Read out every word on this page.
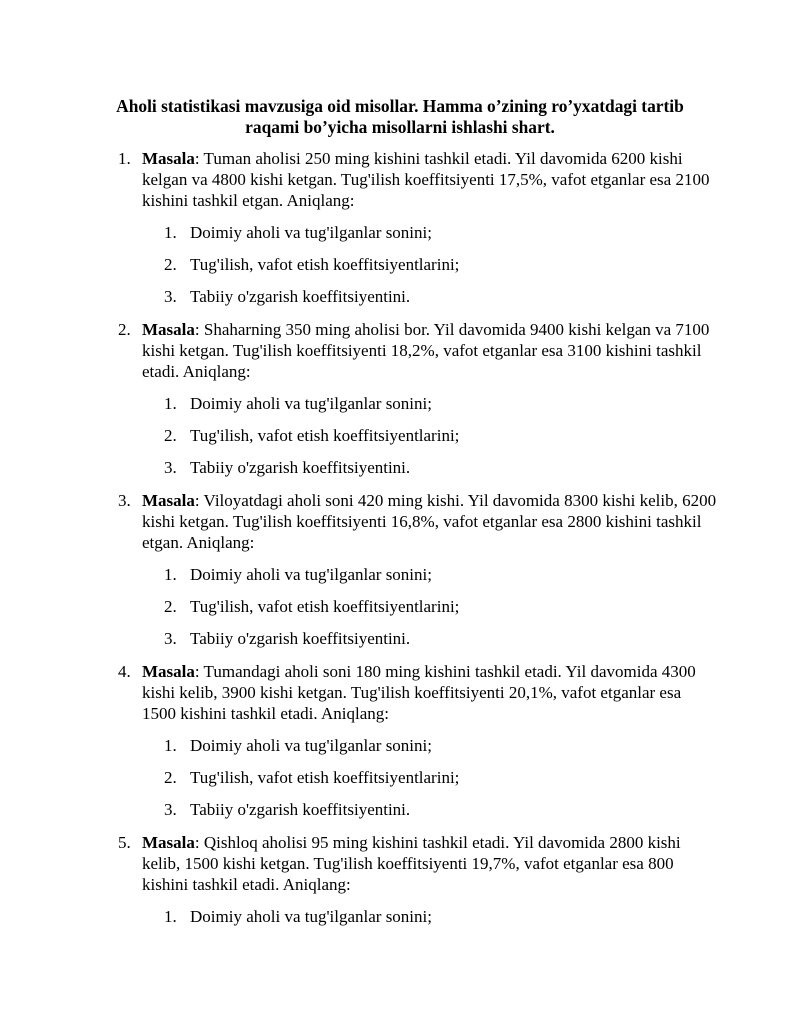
Aholi statistikasi mavzusiga oid misollar. Hamma o’zining ro’yxatdagi tartib
raqami bo’yicha misollarni ishlashi shart.
1. Masala: Tuman aholisi 250 ming kishini tashkil etadi. Yil davomida 6200 kishi kelgan va 4800 kishi ketgan. Tug'ilish koeffitsiyenti 17,5%, vafot etganlar esa 2100 kishini tashkil etgan. Aniqlang:
1. Doimiy aholi va tug'ilganlar sonini;
2. Tug'ilish, vafot etish koeffitsiyentlarini;
3. Tabiiy o'zgarish koeffitsiyentini.
2. Masala: Shaharning 350 ming aholisi bor. Yil davomida 9400 kishi kelgan va 7100 kishi ketgan. Tug'ilish koeffitsiyenti 18,2%, vafot etganlar esa 3100 kishini tashkil etadi. Aniqlang:
1. Doimiy aholi va tug'ilganlar sonini;
2. Tug'ilish, vafot etish koeffitsiyentlarini;
3. Tabiiy o'zgarish koeffitsiyentini.
3. Masala: Viloyatdagi aholi soni 420 ming kishi. Yil davomida 8300 kishi kelib, 6200 kishi ketgan. Tug'ilish koeffitsiyenti 16,8%, vafot etganlar esa 2800 kishini tashkil etgan. Aniqlang:
1. Doimiy aholi va tug'ilganlar sonini;
2. Tug'ilish, vafot etish koeffitsiyentlarini;
3. Tabiiy o'zgarish koeffitsiyentini.
4. Masala: Tumandagi aholi soni 180 ming kishini tashkil etadi. Yil davomida 4300 kishi kelib, 3900 kishi ketgan. Tug'ilish koeffitsiyenti 20,1%, vafot etganlar esa 1500 kishini tashkil etadi. Aniqlang:
1. Doimiy aholi va tug'ilganlar sonini;
2. Tug'ilish, vafot etish koeffitsiyentlarini;
3. Tabiiy o'zgarish koeffitsiyentini.
5. Masala: Qishloq aholisi 95 ming kishini tashkil etadi. Yil davomida 2800 kishi kelib, 1500 kishi ketgan. Tug'ilish koeffitsiyenti 19,7%, vafot etganlar esa 800 kishini tashkil etadi. Aniqlang:
1. Doimiy aholi va tug'ilganlar sonini;
